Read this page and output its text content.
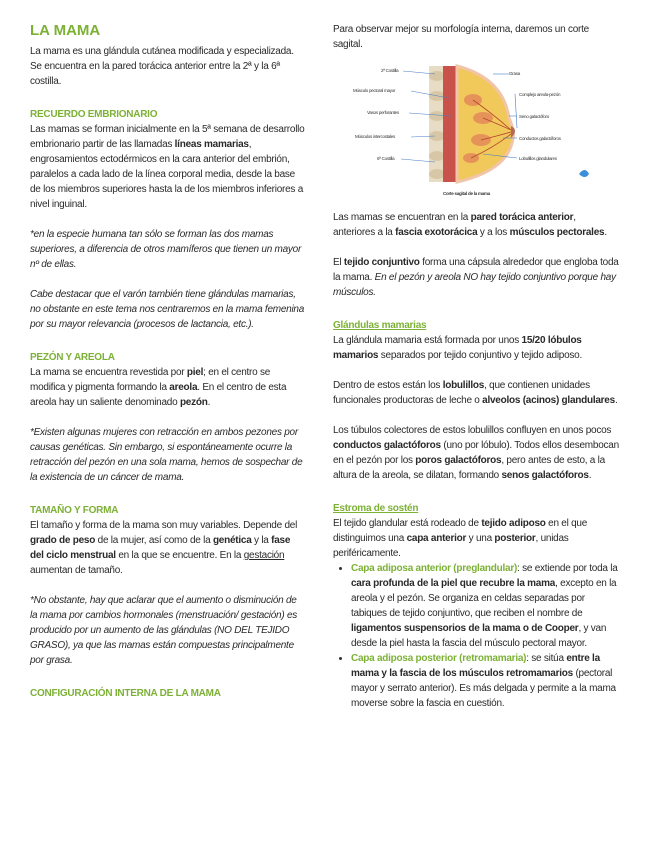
LA MAMA

La mama es una glándula cutánea modificada y especializada. Se encuentra en la pared torácica anterior entre la 2ª y la 6ª costilla.

RECUERDO EMBRIONARIO

Las mamas se forman inicialmente en la 5ª semana de desarrollo embrionario partir de las llamadas líneas mamarias, engrosamientos ectodérmicos en la cara anterior del embrión, paralelos a cada lado de la línea corporal media, desde la base de los miembros superiores hasta la de los miembros inferiores a nivel inguinal.

*en la especie humana tan sólo se forman las dos mamas superiores, a diferencia de otros mamíferos que tienen un mayor nº de ellas.

Cabe destacar que el varón también tiene glándulas mamarias, no obstante en este tema nos centraremos en la mama femenina por su mayor relevancia (procesos de lactancia, etc.).

PEZÓN Y AREOLA

La mama se encuentra revestida por piel; en el centro se modifica y pigmenta formando la areola. En el centro de esta areola hay un saliente denominado pezón.

*Existen algunas mujeres con retracción en ambos pezones por causas genéticas. Sin embargo, si espontáneamente ocurre la retracción del pezón en una sola mama, hemos de sospechar de la existencia de un cáncer de mama.

TAMAÑO Y FORMA

El tamaño y forma de la mama son muy variables. Depende del grado de peso de la mujer, así como de la genética y la fase del ciclo menstrual en la que se encuentre. En la gestación aumentan de tamaño.

*No obstante, hay que aclarar que el aumento o disminución de la mama por cambios hormonales (menstruación/ gestación) es producido por un aumento de las glándulas (NO DEL TEJIDO GRASO), ya que las mamas están compuestas principalmente por grasa.

CONFIGURACIÓN INTERNA DE LA MAMA

Para observar mejor su morfología interna, daremos un corte sagital.

2ª Costilla
Músculo pectoral mayor
Vasos perforantes
Músculos intercostales
6ª Costilla
Grasa
Complejo areola-pezón
Seno galactóforo
Conductos galactóforos
Lobulillos glandulares
Corte sagital de la mama

Las mamas se encuentran en la pared torácica anterior, anteriores a la fascia exotorácica y a los músculos pectorales.

El tejido conjuntivo forma una cápsula alrededor que engloba toda la mama. En el pezón y areola NO hay tejido conjuntivo porque hay músculos.

Glándulas mamarias

La glándula mamaria está formada por unos 15/20 lóbulos mamarios separados por tejido conjuntivo y tejido adiposo.

Dentro de estos están los lobulillos, que contienen unidades funcionales productoras de leche o alveolos (acinos) glandulares.

Los túbulos colectores de estos lobulillos confluyen en unos pocos conductos galactóforos (uno por lóbulo). Todos ellos desembocan en el pezón por los poros galactóforos, pero antes de esto, a la altura de la areola, se dilatan, formando senos galactóforos.

Estroma de sostén

El tejido glandular está rodeado de tejido adiposo en el que distinguimos una capa anterior y una posterior, unidas periféricamente.

• Capa adiposa anterior (preglandular): se extiende por toda la cara profunda de la piel que recubre la mama, excepto en la areola y el pezón. Se organiza en celdas separadas por tabiques de tejido conjuntivo, que reciben el nombre de ligamentos suspensorios de la mama o de Cooper, y van desde la piel hasta la fascia del músculo pectoral mayor.
• Capa adiposa posterior (retromamaria): se sitúa entre la mama y la fascia de los músculos retromamarios (pectoral mayor y serrato anterior). Es más delgada y permite a la mama moverse sobre la fascia en cuestión.
